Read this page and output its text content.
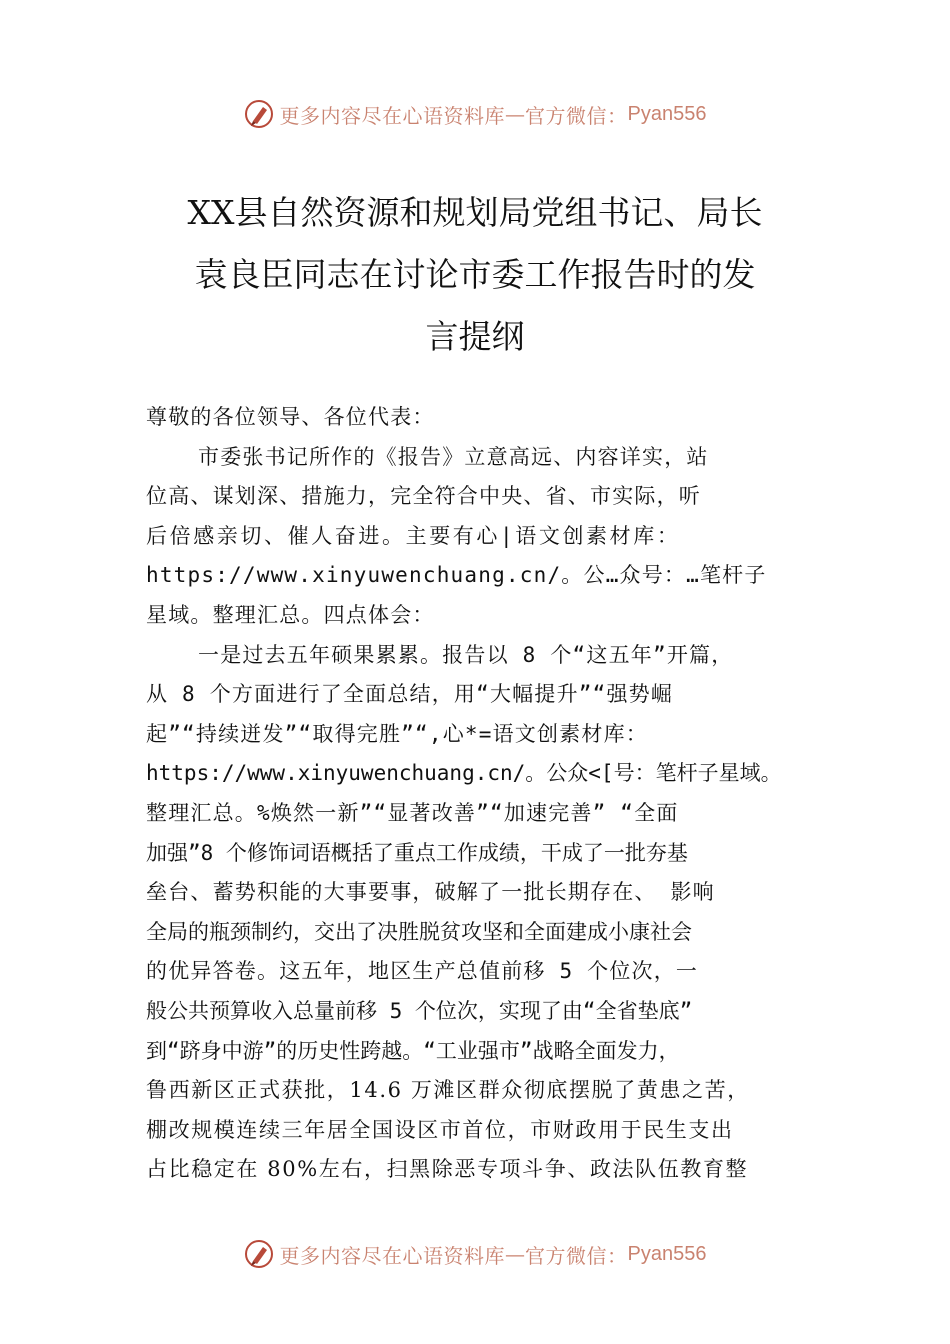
更多内容尽在心语资料库 — 官方微信： Pyan556
XX县自然资源和规划局党组书记、局长
袁良臣同志在讨论市委工作报告时的发
言提纲
尊敬的各位领导、各位代表：
市委张书记所作的《报告》立意高远、内容详实，站
位高、谋划深、措施力，完全符合中央、省、市实际，听
后倍感亲切、催人奋进。主要有心|语文创素材库：
https://www.xinyuwenchuang.cn/。公…众号：…笔杆子
星域。整理汇总。四点体会：
一是过去五年硕果累累。报告以 8 个“这五年”开篇，
从 8 个方面进行了全面总结，用“大幅提升”“强势崛
起”“持续迸发”“取得完胜”“,心*=语文创素材库：
https://www.xinyuwenchuang.cn/。公众<[号：笔杆子星域。
整理汇总。%焕然一新”“显著改善”“加速完善” “全面
加强”8 个修饰词语概括了重点工作成绩，干成了一批夯基
垒台、蓄势积能的大事要事，破解了一批长期存在、 影响
全局的瓶颈制约，交出了决胜脱贫攻坚和全面建成小康社会
的优异答卷。这五年，地区生产总值前移 5 个位次，一
般公共预算收入总量前移 5 个位次，实现了由“全省垫底”
到“跻身中游”的历史性跨越。“工业强市”战略全面发力，
鲁西新区正式获批，14.6 万滩区群众彻底摆脱了黄患之苦，
棚改规模连续三年居全国设区市首位，市财政用于民生支出
占比稳定在 80%左右，扫黑除恶专项斗争、政法队伍教育整
更多内容尽在心语资料库 — 官方微信： Pyan556
